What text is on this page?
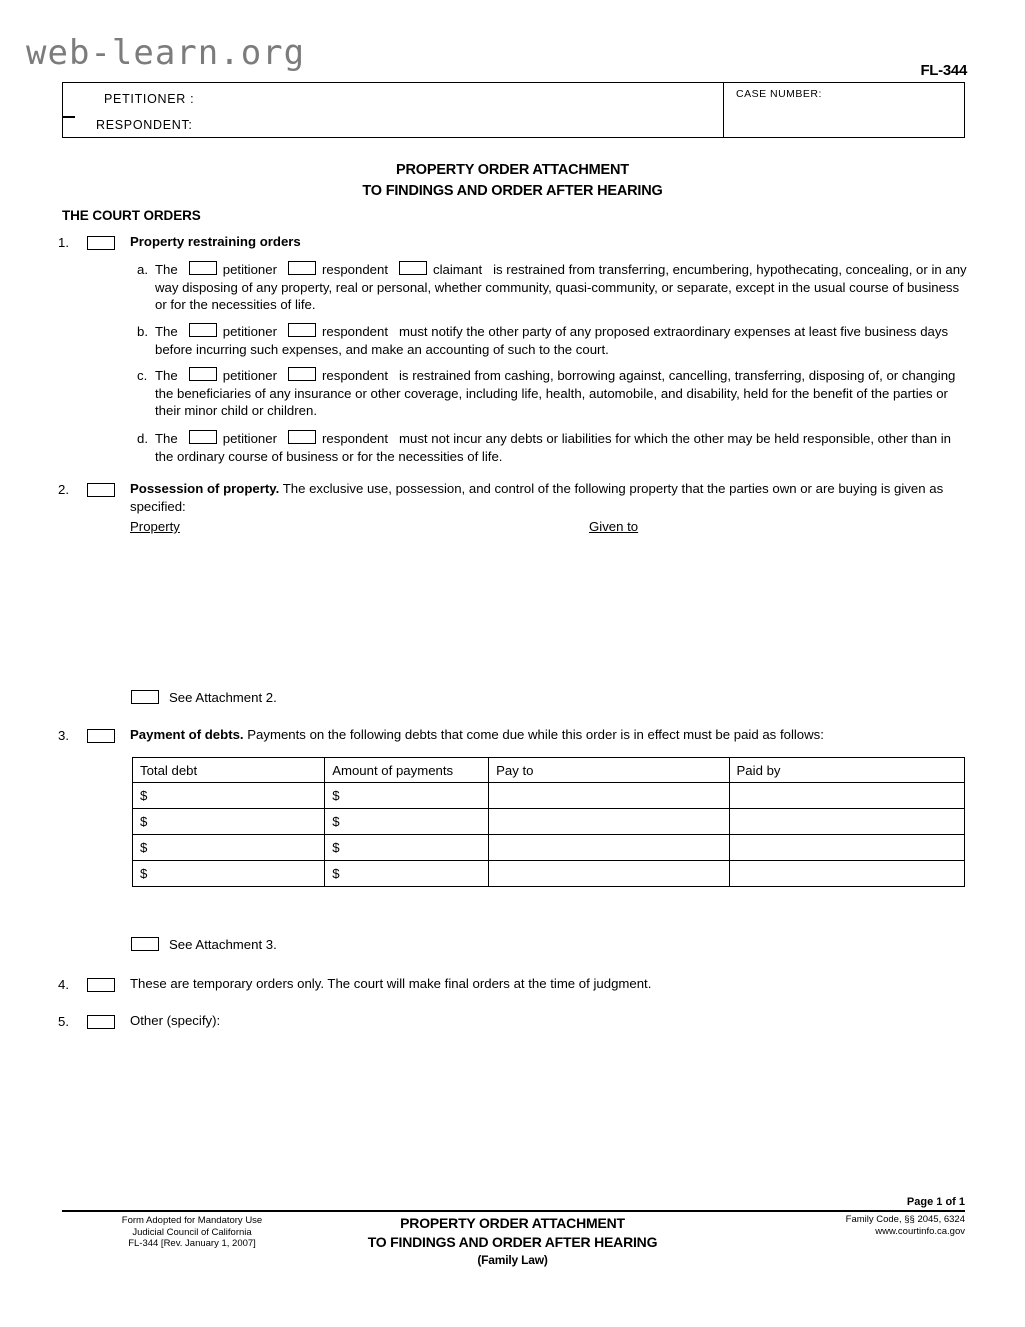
web-learn.org	FL-344
PETITIONER :
RESPONDENT:
CASE NUMBER:
PROPERTY ORDER ATTACHMENT
TO FINDINGS AND ORDER AFTER HEARING
THE COURT ORDERS
1.	Property restraining orders
a. The	petitioner	respondent	claimant is restrained from transferring, encumbering, hypothecating, concealing, or in any way disposing of any property, real or personal, whether community, quasi-community, or separate, except in the usual course of business or for the necessities of life.
b. The	petitioner	respondent must notify the other party of any proposed extraordinary expenses at least five business days before incurring such expenses, and make an accounting of such to the court.
c. The	petitioner	respondent is restrained from cashing, borrowing against, cancelling, transferring, disposing of, or changing the beneficiaries of any insurance or other coverage, including life, health, automobile, and disability, held for the benefit of the parties or their minor child or children.
d. The	petitioner	respondent must not incur any debts or liabilities for which the other may be held responsible, other than in the ordinary course of business or for the necessities of life.
2.	Possession of property. The exclusive use, possession, and control of the following property that the parties own or are buying is given as specified:
Property	Given to
See Attachment 2.
3.	Payment of debts. Payments on the following debts that come due while this order is in effect must be paid as follows:
Total debt	Amount of payments	Pay to	Paid by
$	$		
$	$		
$	$		
$	$		
See Attachment 3.
4.	These are temporary orders only. The court will make final orders at the time of judgment.
5.	Other (specify):
Page 1 of 1
Form Adopted for Mandatory Use
Judicial Council of California
FL-344 [Rev. January 1, 2007]
PROPERTY ORDER ATTACHMENT
TO FINDINGS AND ORDER AFTER HEARING
(Family Law)
Family Code, §§ 2045, 6324
www.courtinfo.ca.gov
